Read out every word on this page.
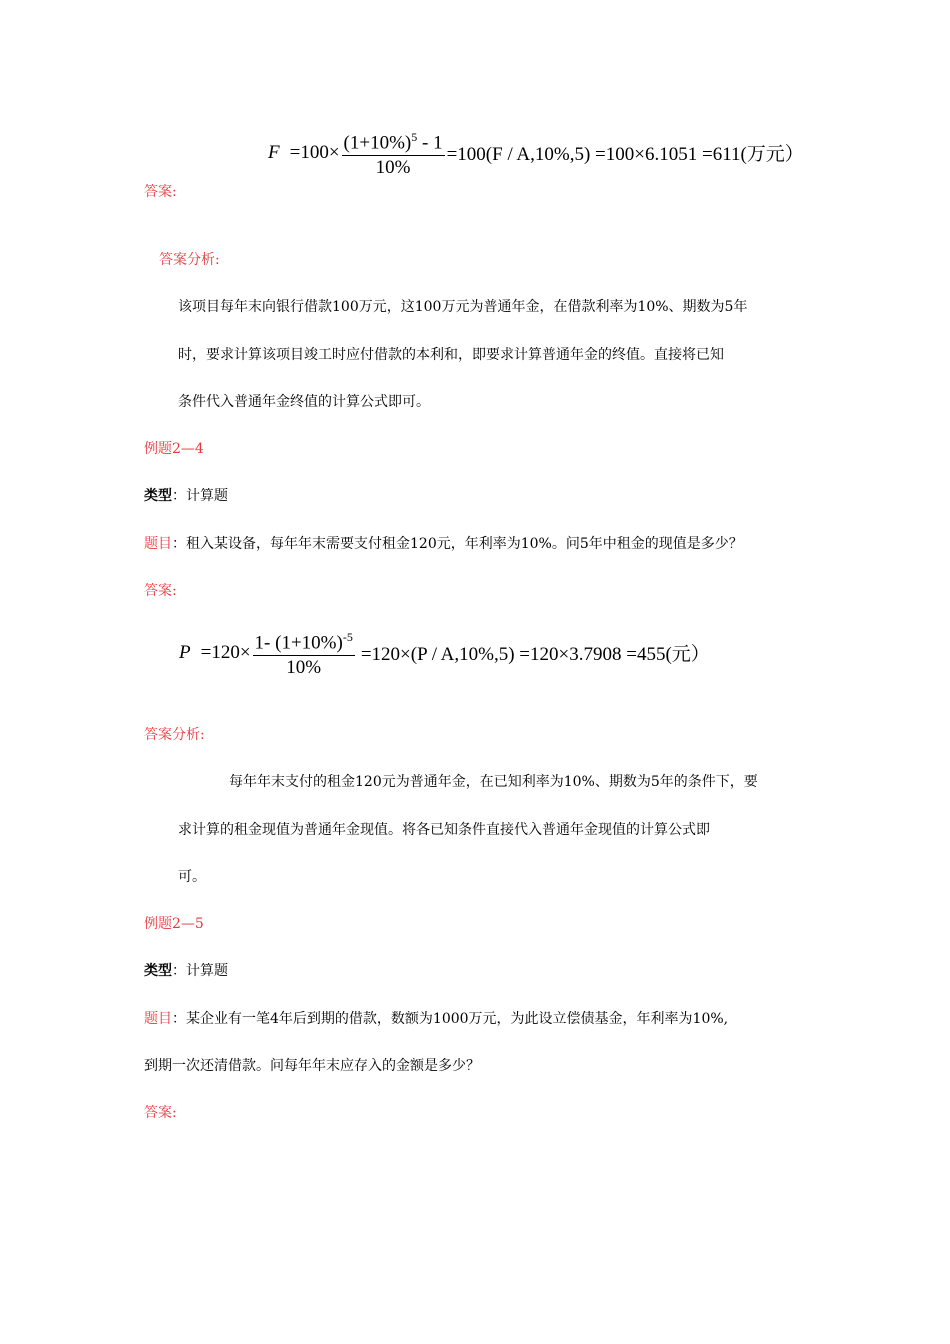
$F =100\times \frac{(1+10\%)^5 - 1}{10\%} =100(F / A,10\%,5) =100\times 6.1051 =611$(万元）
答案:
答案分析:
该项目每年末向银行借款100万元，这100万元为普通年金，在借款利率为10%、期数为5年
时，要求计算该项目竣工时应付借款的本利和，即要求计算普通年金的终值。直接将已知
条件代入普通年金终值的计算公式即可。
例题2—4
类型：计算题
题目：租入某设备，每年年末需要支付租金120元，年利率为10%。问5年中租金的现值是多少？
答案:
$P =120\times \frac{1- (1+10\%)^{-5}}{10\%} =120\times(P / A,10\%,5) =120\times 3.7908 =455$(元）
答案分析:
每年年末支付的租金120元为普通年金，在已知利率为10%、期数为5年的条件下，要
求计算的租金现值为普通年金现值。将各已知条件直接代入普通年金现值的计算公式即
可。
例题2—5
类型：计算题
题目：某企业有一笔4年后到期的借款，数额为1000万元，为此设立偿债基金，年利率为10%,
到期一次还清借款。问每年年末应存入的金额是多少？
答案:
